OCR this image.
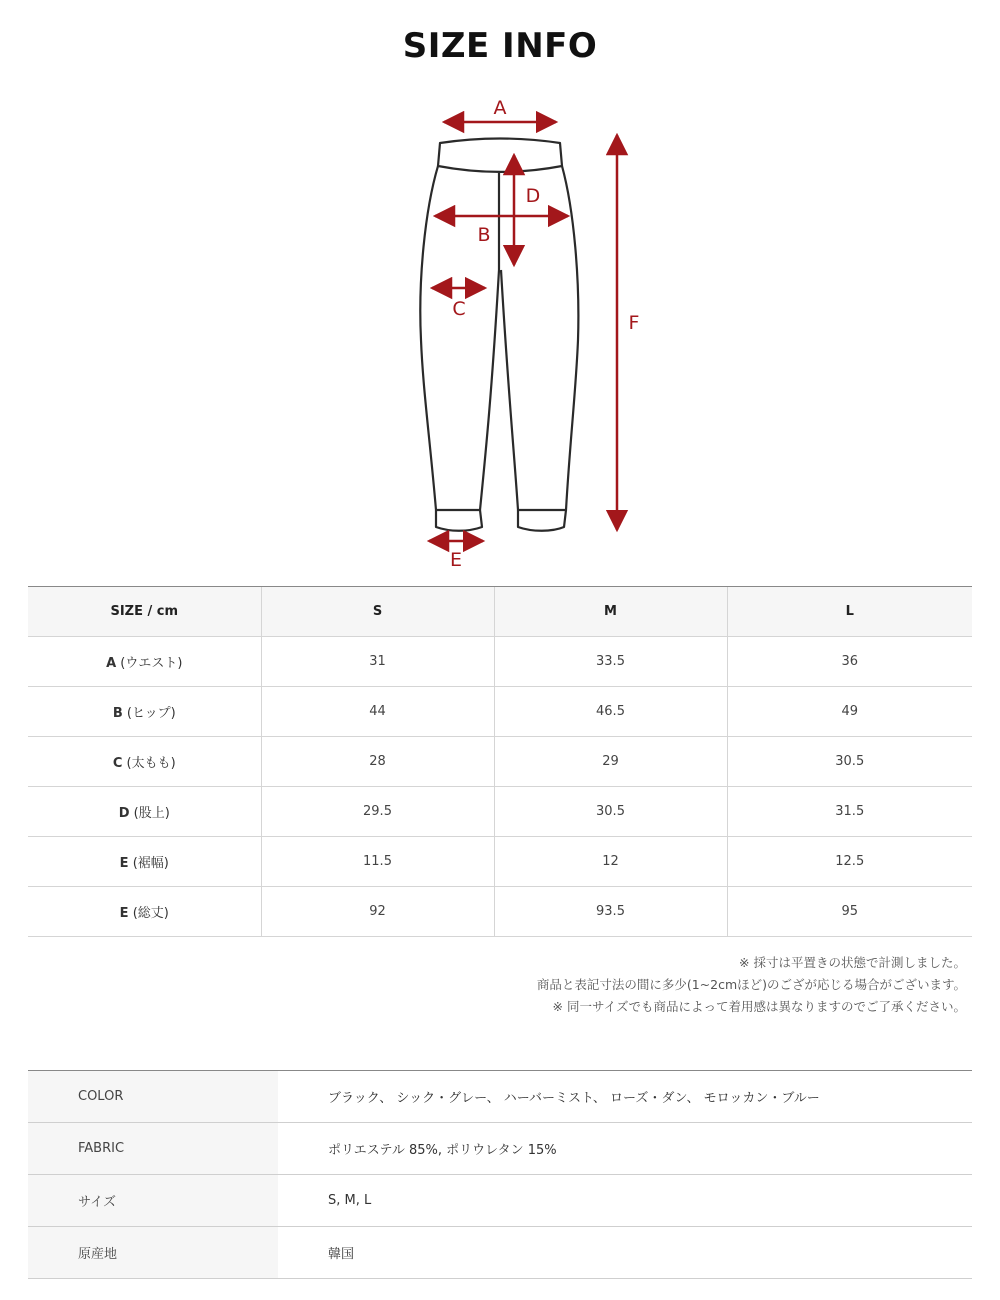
SIZE INFO
A
B
C
D
E
F
SIZE / cm	S	M	L
A (ウエスト)	31	33.5	36
B (ヒップ)	44	46.5	49
C (太もも)	28	29	30.5
D (股上)	29.5	30.5	31.5
E (裾幅)	11.5	12	12.5
E (総丈)	92	93.5	95
※ 採寸は平置きの状態で計測しました。
商品と表記寸法の間に多少(1~2cmほど)のござが応じる場合がございます。
※ 同一サイズでも商品によって着用感は異なりますのでご了承ください。
COLOR	ブラック、 シック・グレー、 ハーバーミスト、 ローズ・ダン、 モロッカン・ブルー
FABRIC	ポリエステル 85%, ポリウレタン 15%
サイズ	S, M, L
原産地	韓国
